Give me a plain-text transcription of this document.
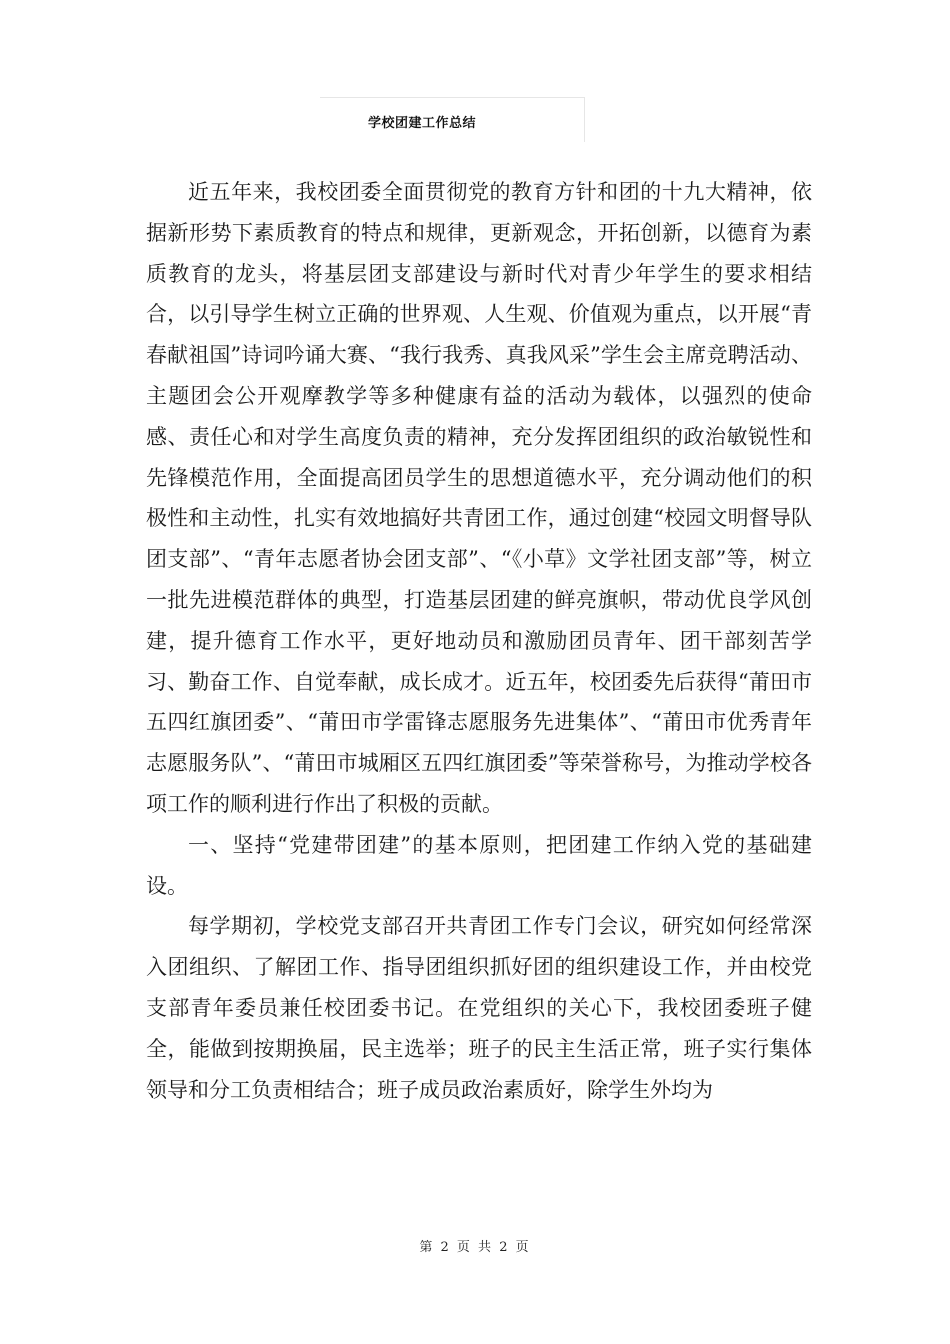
学校团建工作总结

近五年来，我校团委全面贯彻党的教育方针和团的十九大精神，依据新形势下素质教育的特点和规律，更新观念，开拓创新，以德育为素质教育的龙头，将基层团支部建设与新时代对青少年学生的要求相结合，以引导学生树立正确的世界观、人生观、价值观为重点，以开展“青春献祖国”诗词吟诵大赛、“我行我秀、真我风采”学生会主席竞聘活动、主题团会公开观摩教学等多种健康有益的活动为载体，以强烈的使命感、责任心和对学生高度负责的精神，充分发挥团组织的政治敏锐性和先锋模范作用，全面提高团员学生的思想道德水平，充分调动他们的积极性和主动性，扎实有效地搞好共青团工作，通过创建“校园文明督导队团支部”、“青年志愿者协会团支部”、“《小草》文学社团支部”等，树立一批先进模范群体的典型，打造基层团建的鲜亮旗帜，带动优良学风创建，提升德育工作水平，更好地动员和激励团员青年、团干部刻苦学习、勤奋工作、自觉奉献，成长成才。近五年，校团委先后获得“莆田市五四红旗团委”、“莆田市学雷锋志愿服务先进集体”、“莆田市优秀青年志愿服务队”、“莆田市城厢区五四红旗团委”等荣誉称号，为推动学校各项工作的顺利进行作出了积极的贡献。

一、坚持“党建带团建”的基本原则，把团建工作纳入党的基础建设。

每学期初，学校党支部召开共青团工作专门会议，研究如何经常深入团组织、了解团工作、指导团组织抓好团的组织建设工作，并由校党支部青年委员兼任校团委书记。在党组织的关心下，我校团委班子健全，能做到按期换届，民主选举；班子的民主生活正常，班子实行集体领导和分工负责相结合；班子成员政治素质好，除学生外均为

第 2 页 共 2 页
